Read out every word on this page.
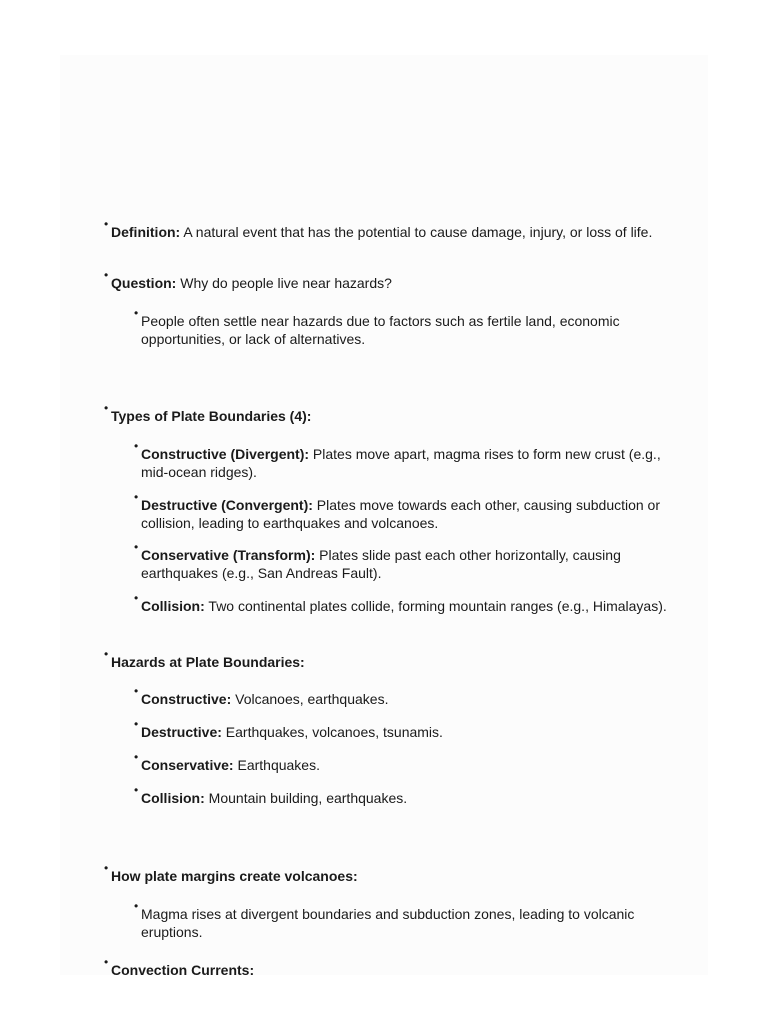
• Definition: A natural event that has the potential to cause damage, injury, or loss of life.
• Question: Why do people live near hazards?
• People often settle near hazards due to factors such as fertile land, economic opportunities, or lack of alternatives.
• Types of Plate Boundaries (4):
• Constructive (Divergent): Plates move apart, magma rises to form new crust (e.g., mid-ocean ridges).
• Destructive (Convergent): Plates move towards each other, causing subduction or collision, leading to earthquakes and volcanoes.
• Conservative (Transform): Plates slide past each other horizontally, causing earthquakes (e.g., San Andreas Fault).
• Collision: Two continental plates collide, forming mountain ranges (e.g., Himalayas).
• Hazards at Plate Boundaries:
• Constructive: Volcanoes, earthquakes.
• Destructive: Earthquakes, volcanoes, tsunamis.
• Conservative: Earthquakes.
• Collision: Mountain building, earthquakes.
• How plate margins create volcanoes:
• Magma rises at divergent boundaries and subduction zones, leading to volcanic eruptions.
• Convection Currents:
